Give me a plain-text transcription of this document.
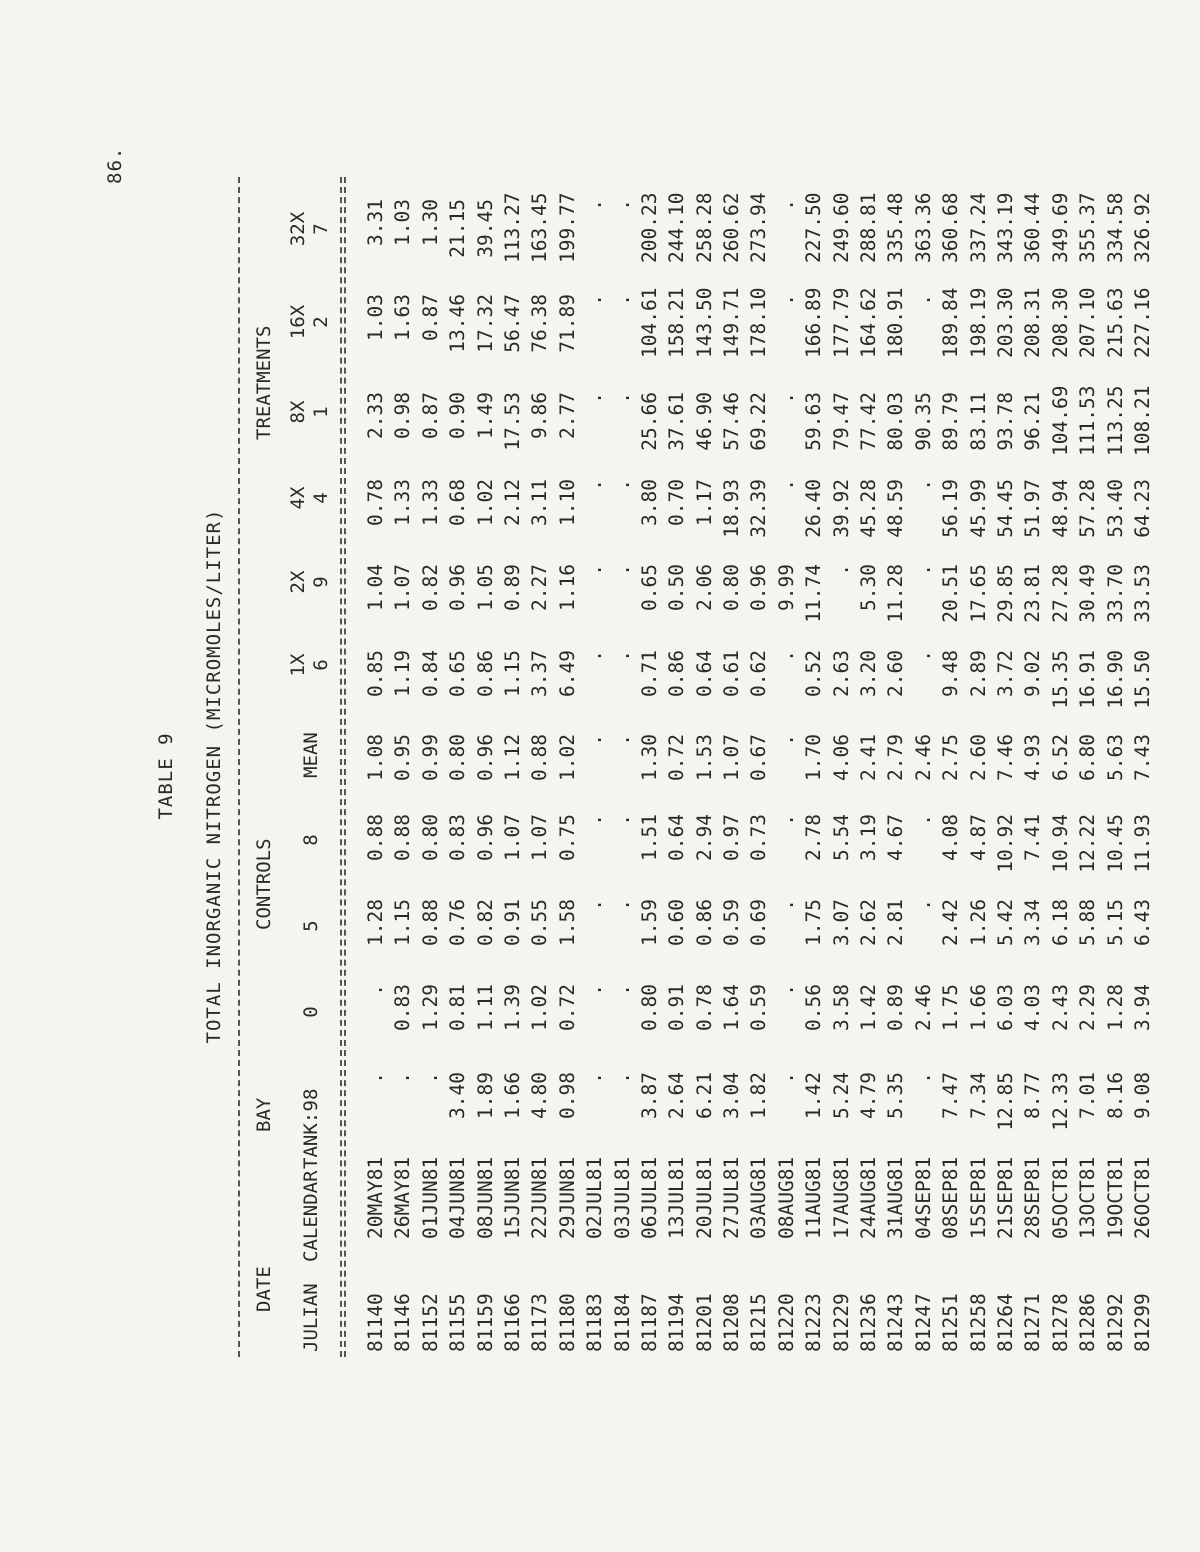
86.
TABLE 9 TOTAL INORGANIC NITROGEN (MICROMOLES/LITER)
DATE
BAY
CONTROLS
TREATMENTS
JULIAN
CALENDAR
TANK:
98
0
5
8
MEAN
1X 6
2X 9
4X 4
8X 1
16X 2
32X 7
81140
20MAY81
.
.
1.28
0.88
1.08
0.85
1.04
0.78
2.33
1.03
3.31
81146
26MAY81
.
0.83
1.15
0.88
0.95
1.19
1.07
1.33
0.98
1.63
1.03
81152
01JUN81
.
1.29
0.88
0.80
0.99
0.84
0.82
1.33
0.87
0.87
1.30
81155
04JUN81
3.40
0.81
0.76
0.83
0.80
0.65
0.96
0.68
0.90
13.46
21.15
81159
08JUN81
1.89
1.11
0.82
0.96
0.96
0.86
1.05
1.02
1.49
17.32
39.45
81166
15JUN81
1.66
1.39
0.91
1.07
1.12
1.15
0.89
2.12
17.53
56.47
113.27
81173
22JUN81
4.80
1.02
0.55
1.07
0.88
3.37
2.27
3.11
9.86
76.38
163.45
81180
29JUN81
0.98
0.72
1.58
0.75
1.02
6.49
1.16
1.10
2.77
71.89
199.77
81183
02JUL81
.
.
.
.
.
.
.
.
.
.
.
81184
03JUL81
.
.
.
.
.
.
.
.
.
.
.
81187
06JUL81
3.87
0.80
1.59
1.51
1.30
0.71
0.65
3.80
25.66
104.61
200.23
81194
13JUL81
2.64
0.91
0.60
0.64
0.72
0.86
0.50
0.70
37.61
158.21
244.10
81201
20JUL81
6.21
0.78
0.86
2.94
1.53
0.64
2.06
1.17
46.90
143.50
258.28
81208
27JUL81
3.04
1.64
0.59
0.97
1.07
0.61
0.80
18.93
57.46
149.71
260.62
81215
03AUG81
1.82
0.59
0.69
0.73
0.67
0.62
0.96
32.39
69.22
178.10
273.94
81220
08AUG81
.
.
.
.
.
.
9.99
.
.
.
.
81223
11AUG81
1.42
0.56
1.75
2.78
1.70
0.52
11.74
26.40
59.63
166.89
227.50
81229
17AUG81
5.24
3.58
3.07
5.54
4.06
2.63
.
39.92
79.47
177.79
249.60
81236
24AUG81
4.79
1.42
2.62
3.19
2.41
3.20
5.30
45.28
77.42
164.62
288.81
81243
31AUG81
5.35
0.89
2.81
4.67
2.79
2.60
11.28
48.59
80.03
180.91
335.48
81247
04SEP81
.
2.46
.
.
2.46
.
.
.
90.35
.
363.36
81251
08SEP81
7.47
1.75
2.42
4.08
2.75
9.48
20.51
56.19
89.79
189.84
360.68
81258
15SEP81
7.34
1.66
1.26
4.87
2.60
2.89
17.65
45.99
83.11
198.19
337.24
81264
21SEP81
12.85
6.03
5.42
10.92
7.46
3.72
29.85
54.45
93.78
203.30
343.19
81271
28SEP81
8.77
4.03
3.34
7.41
4.93
9.02
23.81
51.97
96.21
208.31
360.44
81278
05OCT81
12.33
2.43
6.18
10.94
6.52
15.35
27.28
48.94
104.69
208.30
349.69
81286
13OCT81
7.01
2.29
5.88
12.22
6.80
16.91
30.49
57.28
111.53
207.10
355.37
81292
19OCT81
8.16
1.28
5.15
10.45
5.63
16.90
33.70
53.40
113.25
215.63
334.58
81299
26OCT81
9.08
3.94
6.43
11.93
7.43
15.50
33.53
64.23
108.21
227.16
326.92
